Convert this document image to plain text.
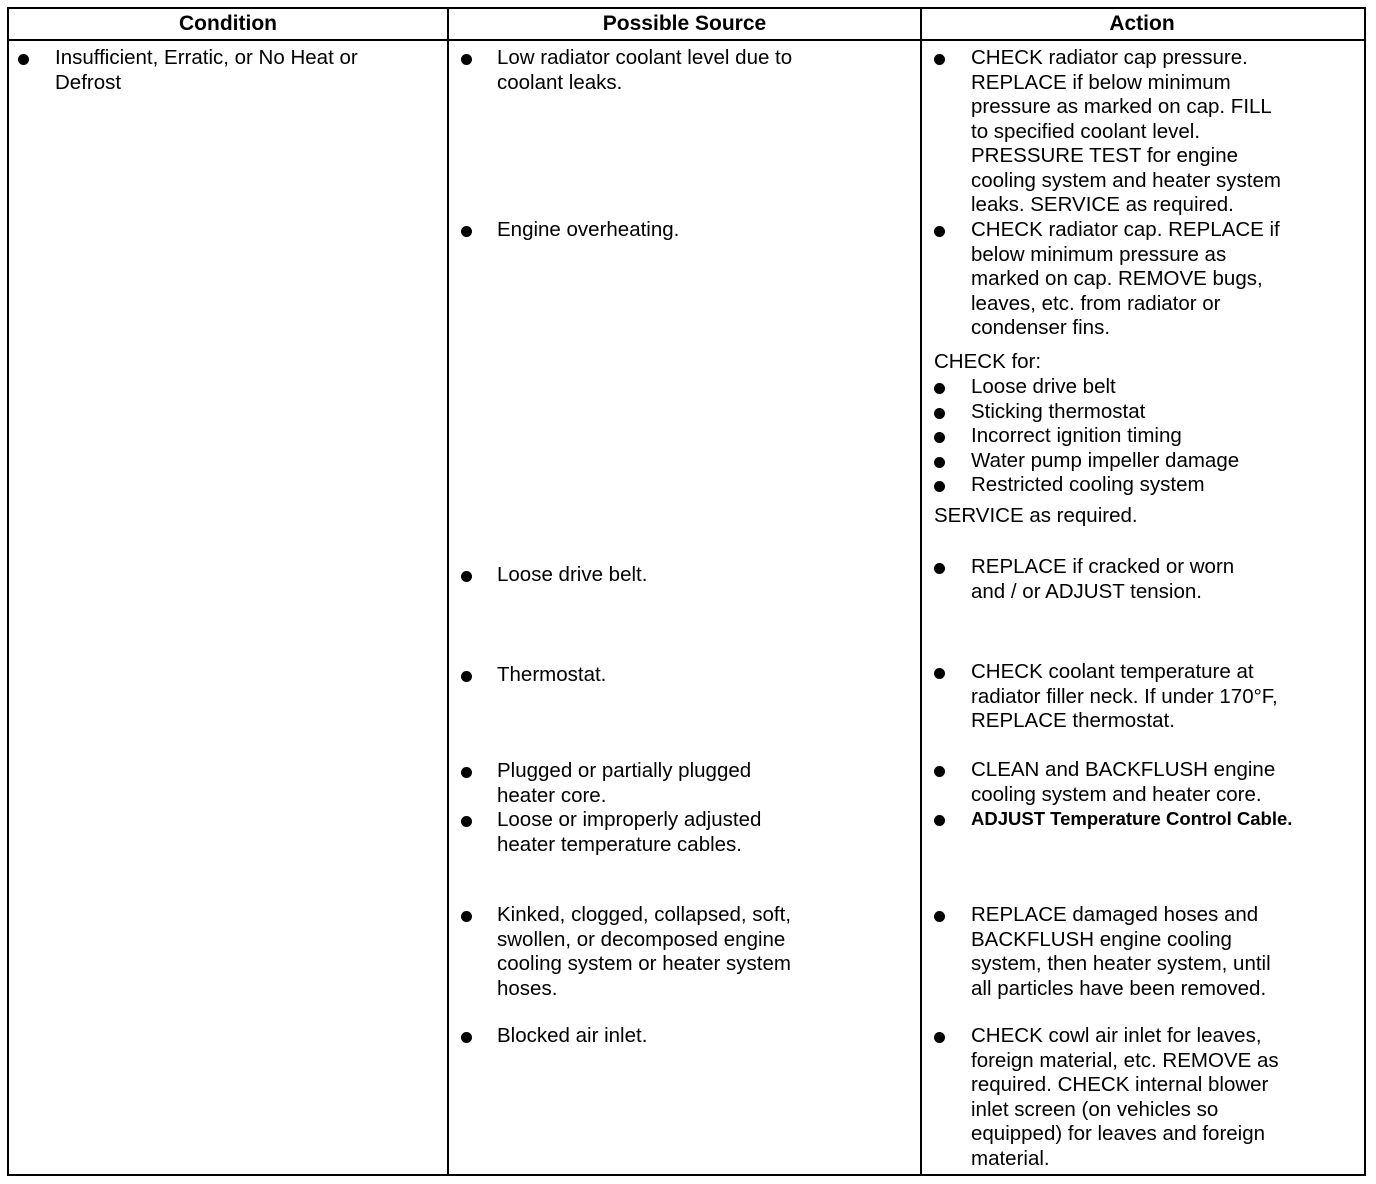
Condition	Possible Source	Action
Insufficient, Erratic, or No Heat or
Defrost
Low radiator coolant level due to
coolant leaks.
Engine overheating.
Loose drive belt.
Thermostat.
Plugged or partially plugged
heater core.
Loose or improperly adjusted
heater temperature cables.
Kinked, clogged, collapsed, soft,
swollen, or decomposed engine
cooling system or heater system
hoses.
Blocked air inlet.
CHECK radiator cap pressure.
REPLACE if below minimum
pressure as marked on cap. FILL
to specified coolant level.
PRESSURE TEST for engine
cooling system and heater system
leaks. SERVICE as required.
CHECK radiator cap. REPLACE if
below minimum pressure as
marked on cap. REMOVE bugs,
leaves, etc. from radiator or
condenser fins.
CHECK for:
Loose drive belt
Sticking thermostat
Incorrect ignition timing
Water pump impeller damage
Restricted cooling system
SERVICE as required.
REPLACE if cracked or worn
and / or ADJUST tension.
CHECK coolant temperature at
radiator filler neck. If under 170°F,
REPLACE thermostat.
CLEAN and BACKFLUSH engine
cooling system and heater core.
ADJUST Temperature Control Cable.
REPLACE damaged hoses and
BACKFLUSH engine cooling
system, then heater system, until
all particles have been removed.
CHECK cowl air inlet for leaves,
foreign material, etc. REMOVE as
required. CHECK internal blower
inlet screen (on vehicles so
equipped) for leaves and foreign
material.
